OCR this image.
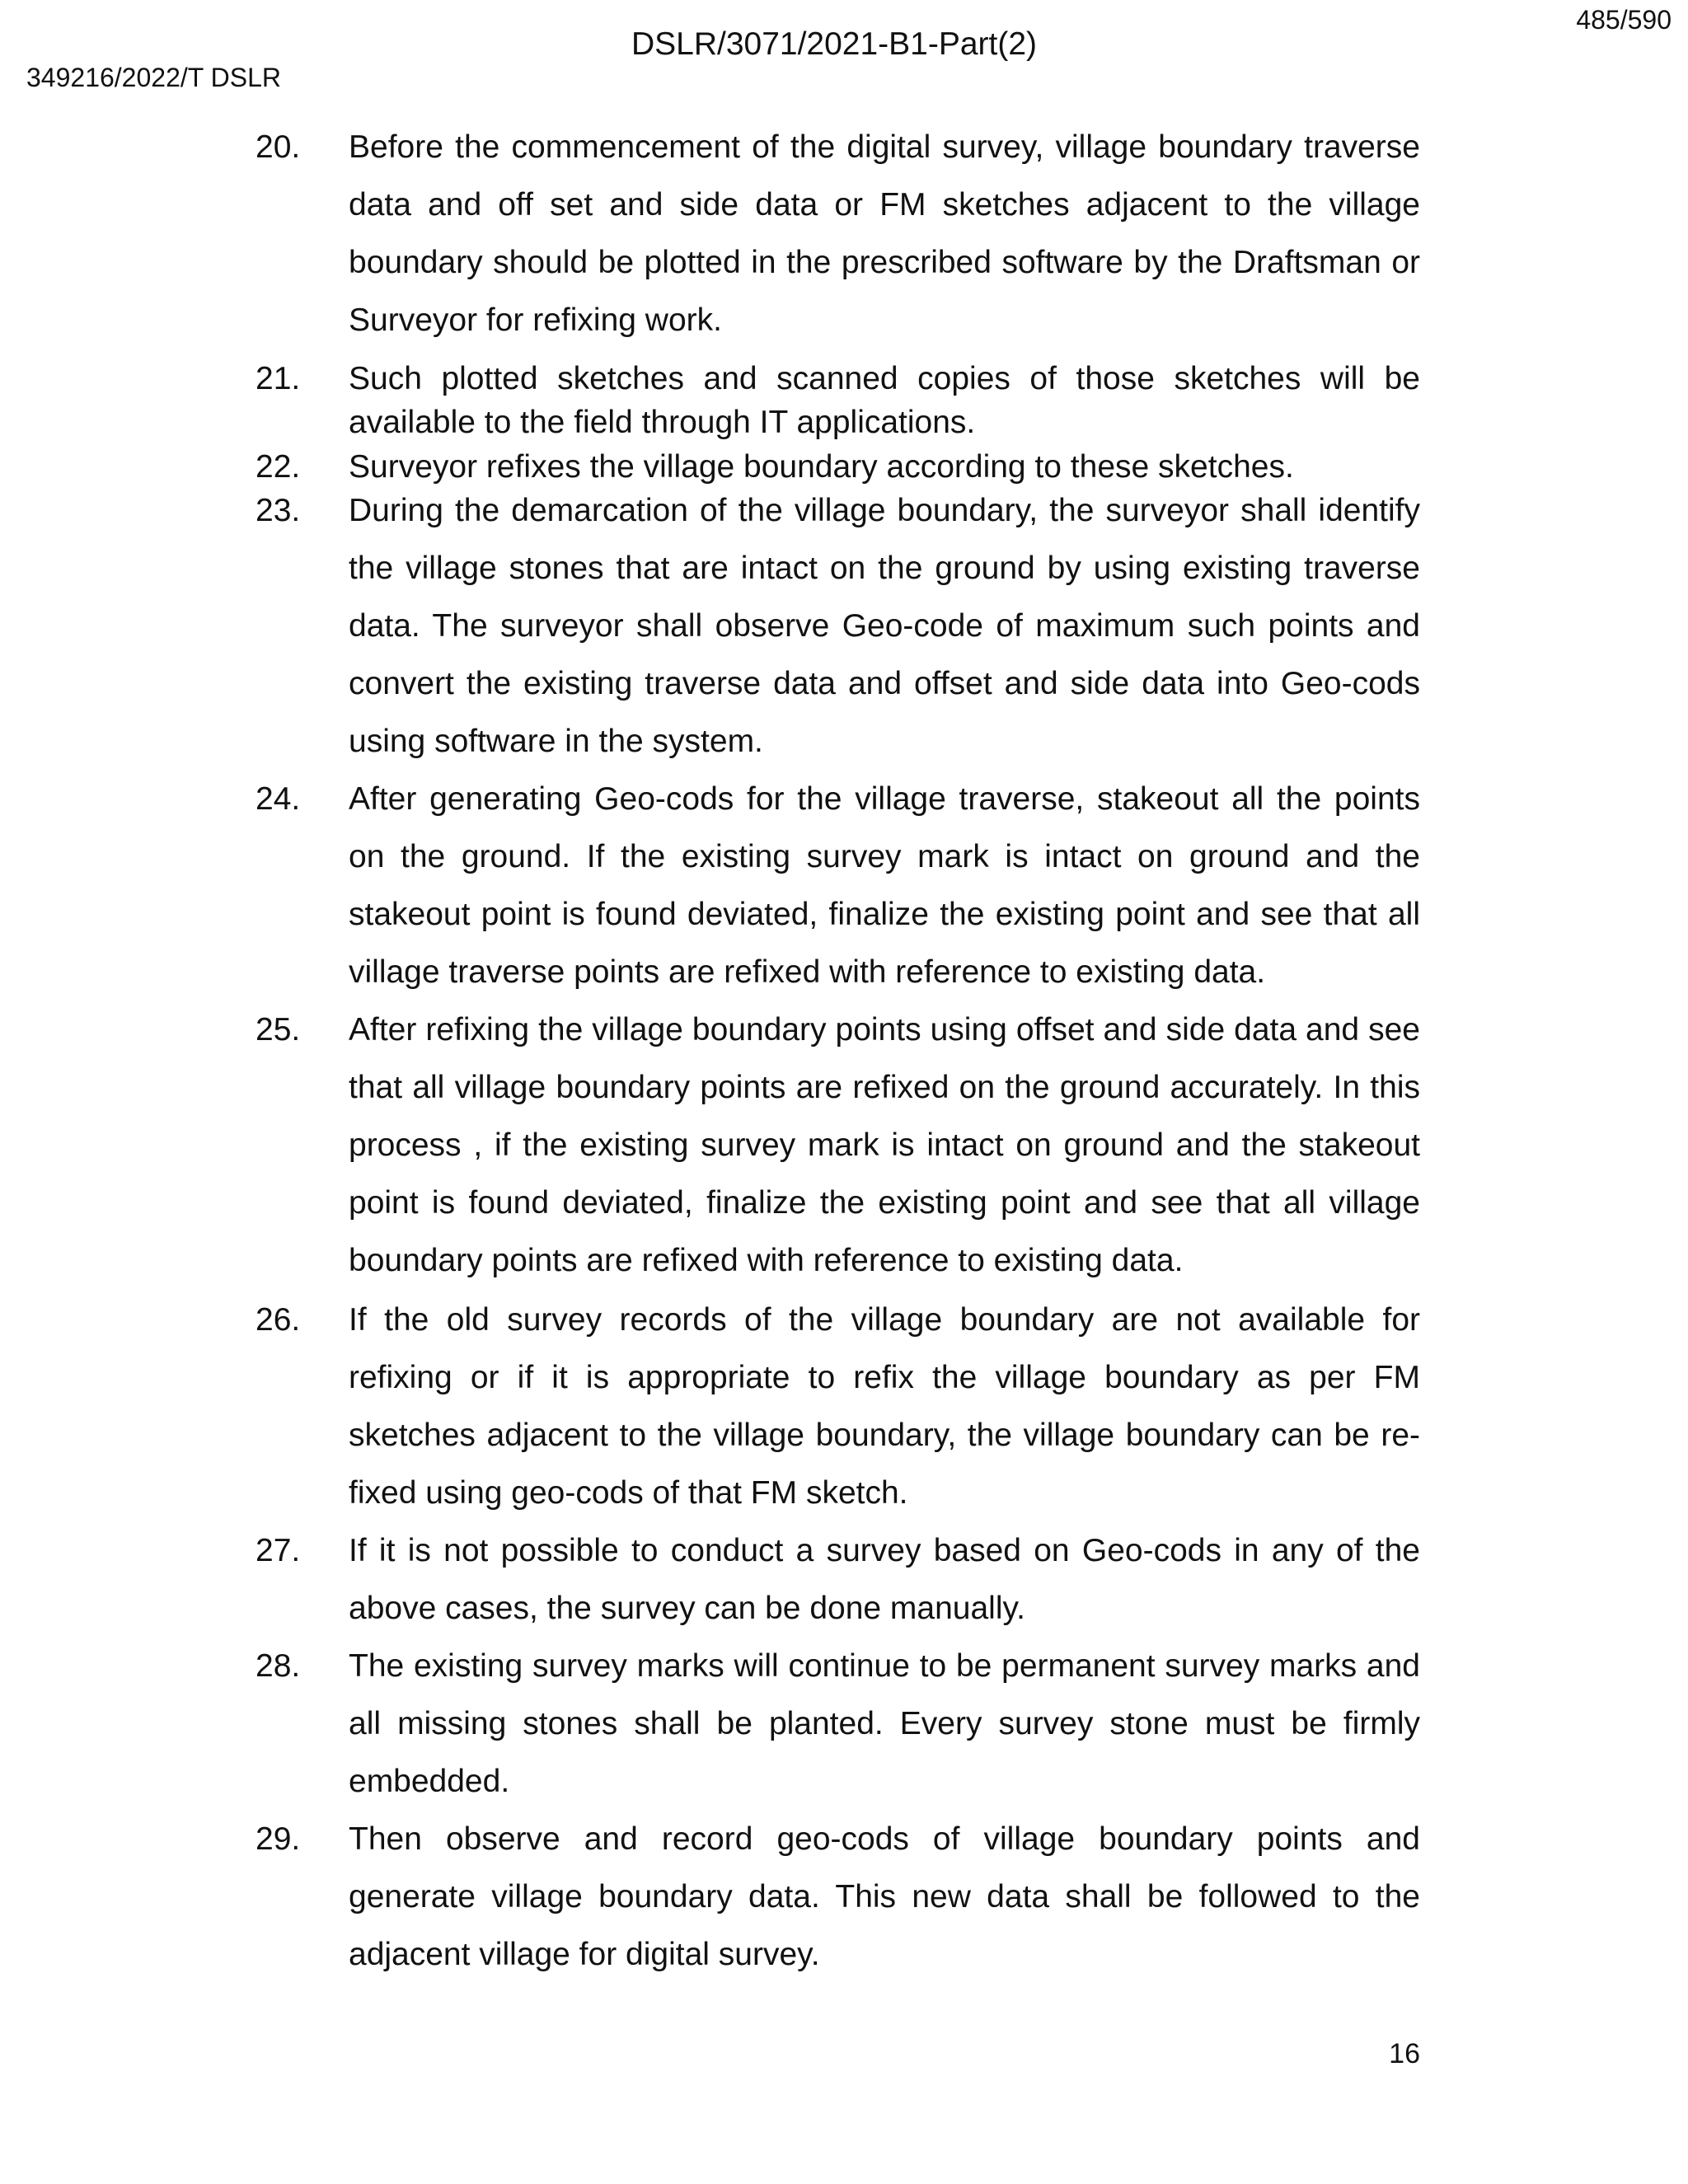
DSLR/3071/2021-B1-Part(2)
485/590
349216/2022/T DSLR
20.	Before the commencement of the digital survey, village boundary traverse data and off set and side data or FM sketches adjacent to the village boundary should be plotted in the prescribed software by the Draftsman or Surveyor for refixing work.

21.	Such plotted sketches and scanned copies of those sketches will be available to the field through IT applications.

22.	Surveyor refixes the village boundary according to these sketches.

23.	During the demarcation of the village boundary, the surveyor shall identify the village stones that are intact on the ground by using existing traverse data. The surveyor shall observe Geo-code of maximum such points and convert the existing traverse data and offset and side data into Geo-cods using software in the system.

24.	After generating Geo-cods for the village traverse, stakeout all the points on the ground. If the existing survey mark is intact on ground and the stakeout point is found deviated, finalize the existing point and see that all village traverse points are refixed with reference to existing data.

25.	After refixing the village boundary points using offset and side data and see that all village boundary points are refixed on the ground accurately. In this process , if the existing survey mark is intact on ground and the stakeout point is found deviated, finalize the existing point and see that all village boundary points are refixed with reference to existing data.

26.	If the old survey records of the village boundary are not available for refixing or if it is appropriate to refix the village boundary as per FM sketches adjacent to the village boundary, the village boundary can be re-fixed using geo-cods of that FM sketch.

27.	If it is not possible to conduct a survey based on Geo-cods in any of the above cases, the survey can be done manually.

28.	The existing survey marks will continue to be permanent survey marks and all missing stones shall be planted. Every survey stone must be firmly embedded.

29.	Then observe and record geo-cods of village boundary points and generate village boundary data. This new data shall be followed to the adjacent village for digital survey.

16
